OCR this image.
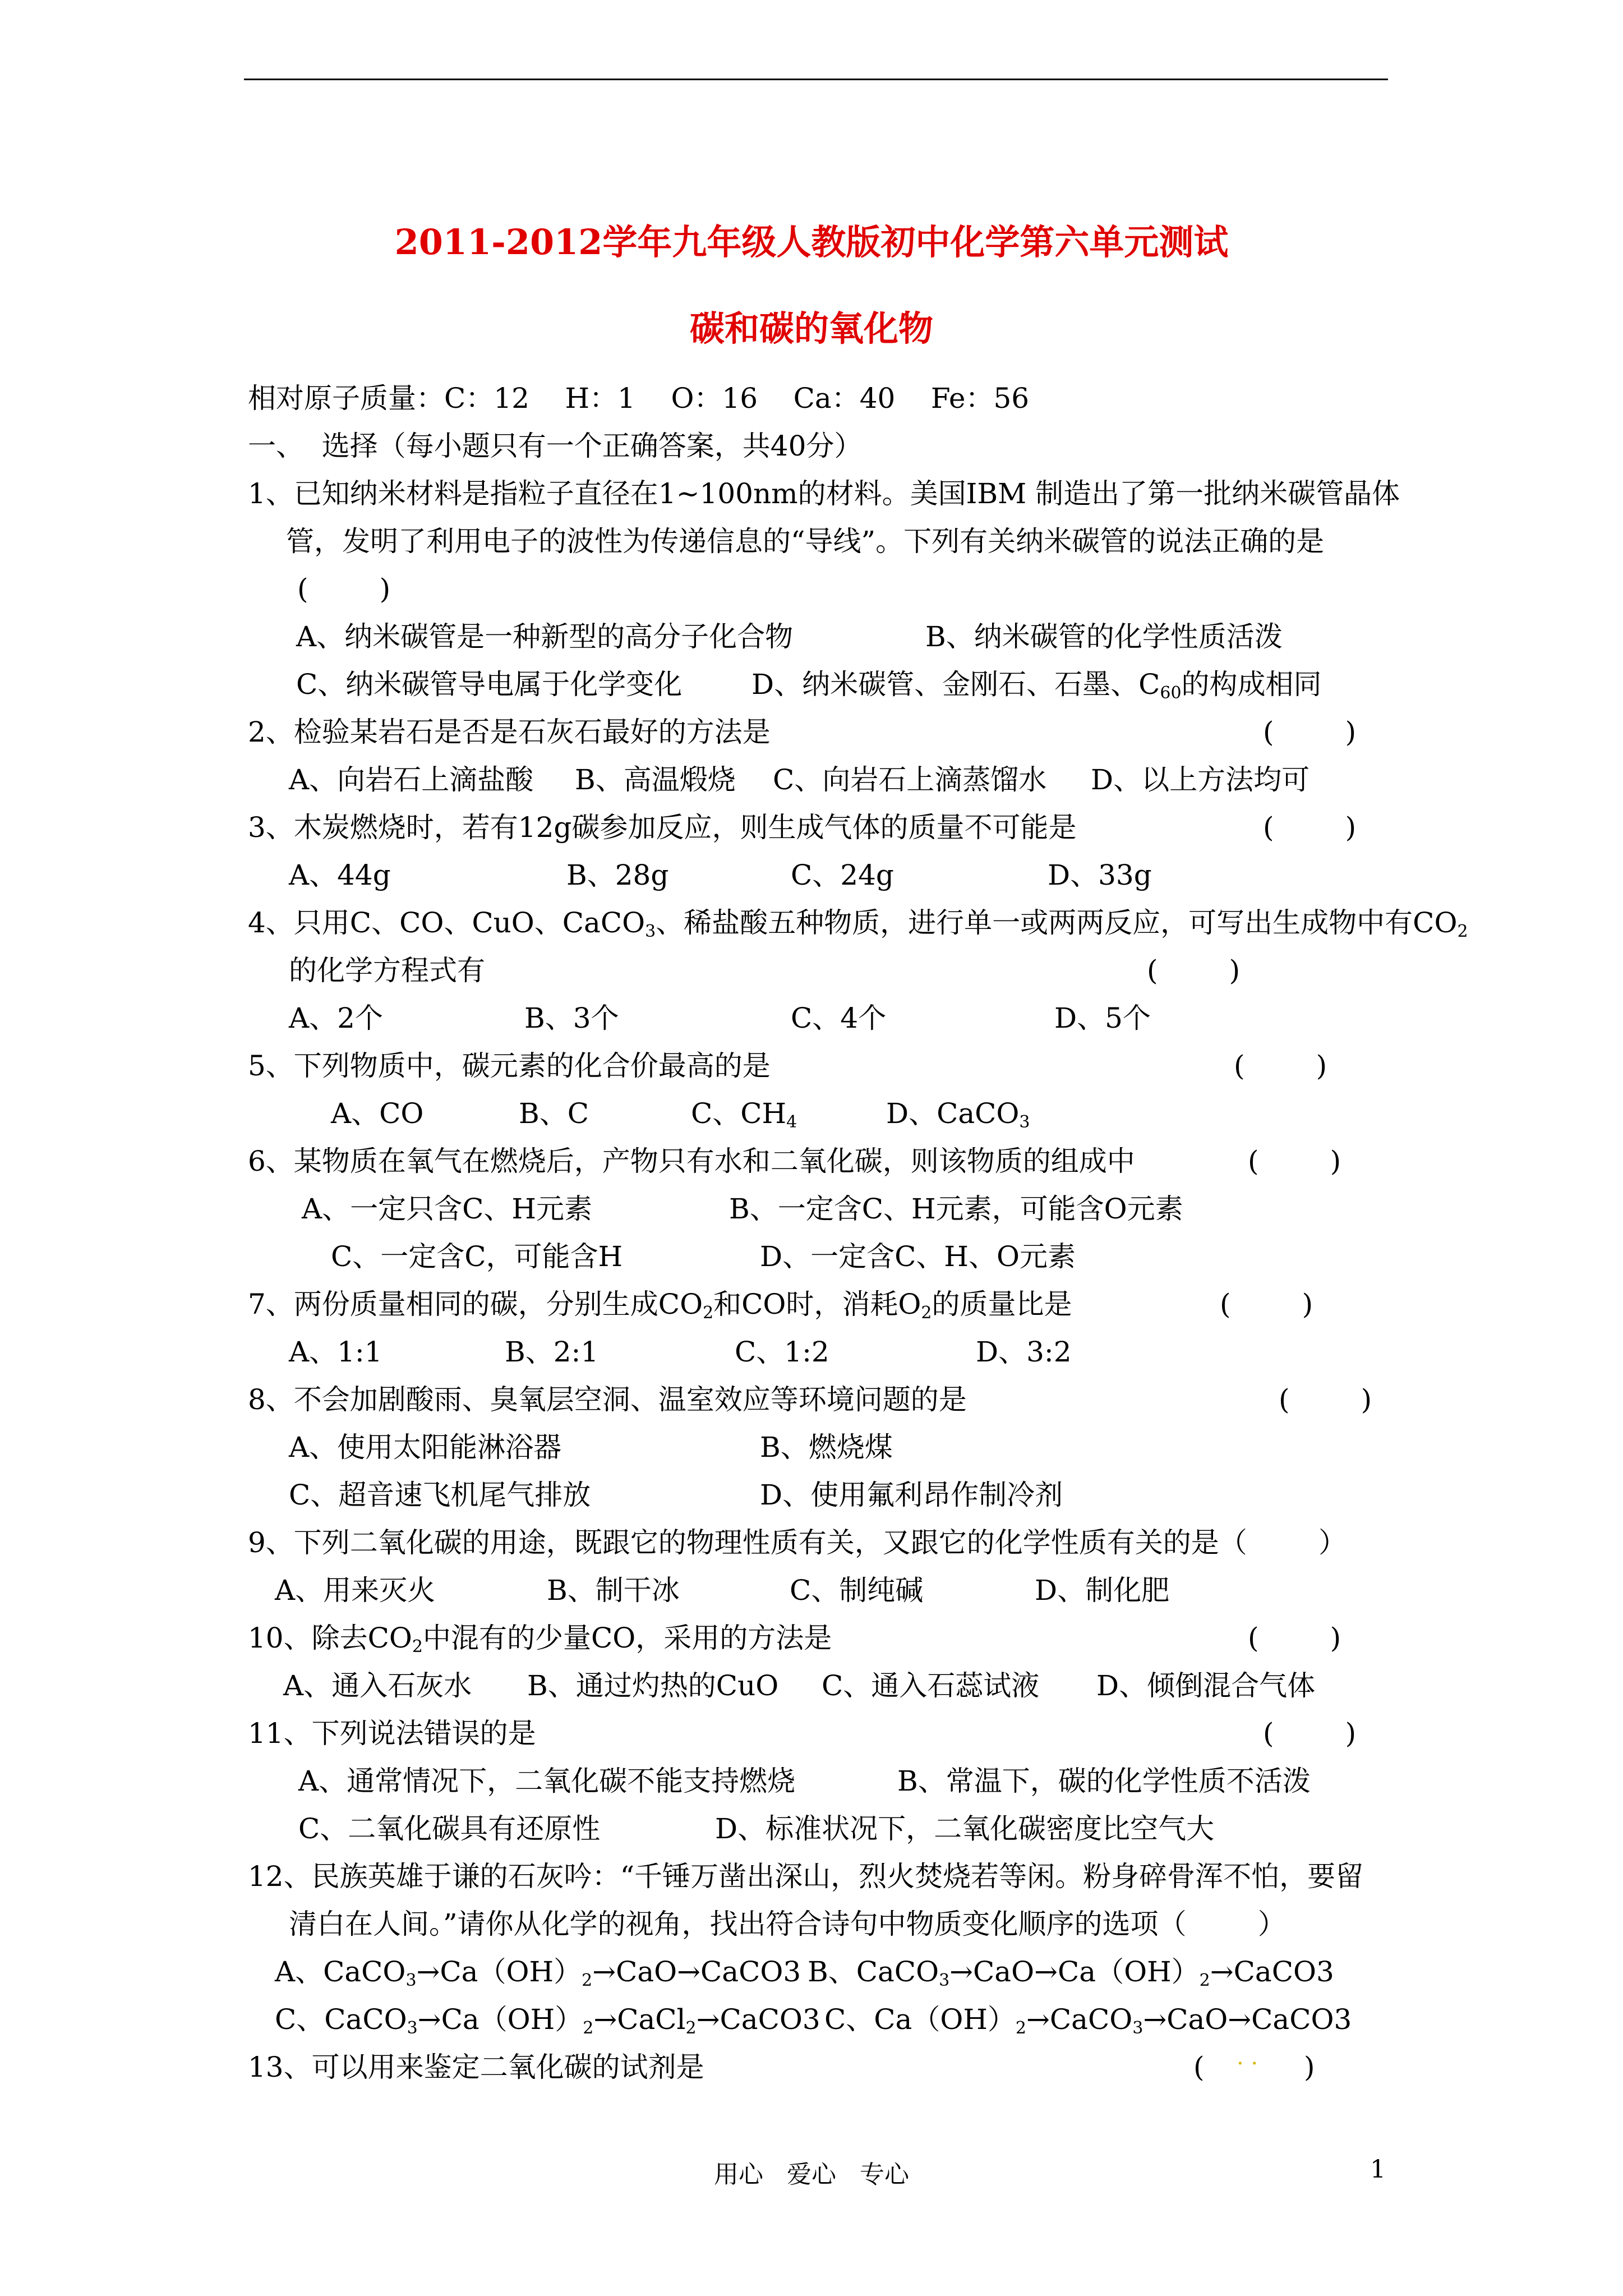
2011-2012学年九年级人教版初中化学第六单元测试
碳和碳的氧化物
相对原子质量：C：12    H：1    O：16    Ca：40    Fe：56
一、  选择（每小题只有一个正确答案，共40分）
1、已知纳米材料是指粒子直径在1~100nm的材料。美国IBM 制造出了第一批纳米碳管晶体
管，发明了利用电子的波性为传递信息的“导线”。下列有关纳米碳管的说法正确的是
(        )
A、纳米碳管是一种新型的高分子化合物	B、纳米碳管的化学性质活泼
C、纳米碳管导电属于化学变化 D、纳米碳管、金刚石、石墨、$C_{60}$的构成相同
2、检验某岩石是否是石灰石最好的方法是	(        )
A、向岩石上滴盐酸 B、高温煅烧 C、向岩石上滴蒸馏水 D、以上方法均可
3、木炭燃烧时，若有12g碳参加反应，则生成气体的质量不可能是	(        )
A、44g	B、28g	C、24g	D、33g
4、只用C、CO、CuO、CaCO$_3$、稀盐酸五种物质，进行单一或两两反应，可写出生成物中有$CO_2$
的化学方程式有	(        )
A、2个	B、3个	C、4个	D、5个
5、下列物质中，碳元素的化合价最高的是	(        )
A、CO	B、C	C、$CH_4$	D、CaCO$_3$
6、某物质在氧气在燃烧后，产物只有水和二氧化碳，则该物质的组成中	(        )
A、一定只含C、H元素	B、一定含C、H元素，可能含O元素
C、一定含C，可能含H	D、一定含C、H、O元素
7、两份质量相同的碳，分别生成$CO_2$和CO时，消耗$O_2$的质量比是	(        )
A、1:1	B、2:1	C、1:2	D、3:2
8、不会加剧酸雨、臭氧层空洞、温室效应等环境问题的是	(        )
A、使用太阳能淋浴器	B、燃烧煤
C、超音速飞机尾气排放	D、使用氟利昂作制冷剂
9、下列二氧化碳的用途，既跟它的物理性质有关，又跟它的化学性质有关的是（        ）
A、用来灭火	B、制干冰	C、制纯碱	D、制化肥
10、除去$CO_2$中混有的少量CO，采用的方法是	(        )
A、通入石灰水 B、通过灼热的CuO C、通入石蕊试液 D、倾倒混合气体
11、下列说法错误的是	(        )
A、通常情况下，二氧化碳不能支持燃烧	B、常温下，碳的化学性质不活泼
C、二氧化碳具有还原性	D、标准状况下，二氧化碳密度比空气大
12、民族英雄于谦的石灰吟：“千锤万凿出深山，烈火焚烧若等闲。粉身碎骨浑不怕，要留
清白在人间。”请你从化学的视角，找出符合诗句中物质变化顺序的选项（        ）
A、$CaCO_3\to Ca(OH)_2\to CaO\to CaCO3$ B、$CaCO_3\to CaO\to Ca(OH)_2\to CaCO3$
C、$CaCO_3\to Ca(OH)_2\to CaCl_2\to CaCO3$ C、$Ca(OH)_2\to CaCO_3\to CaO\to CaCO3$
13、可以用来鉴定二氧化碳的试剂是	( . . )
用心   爱心   专心	1
